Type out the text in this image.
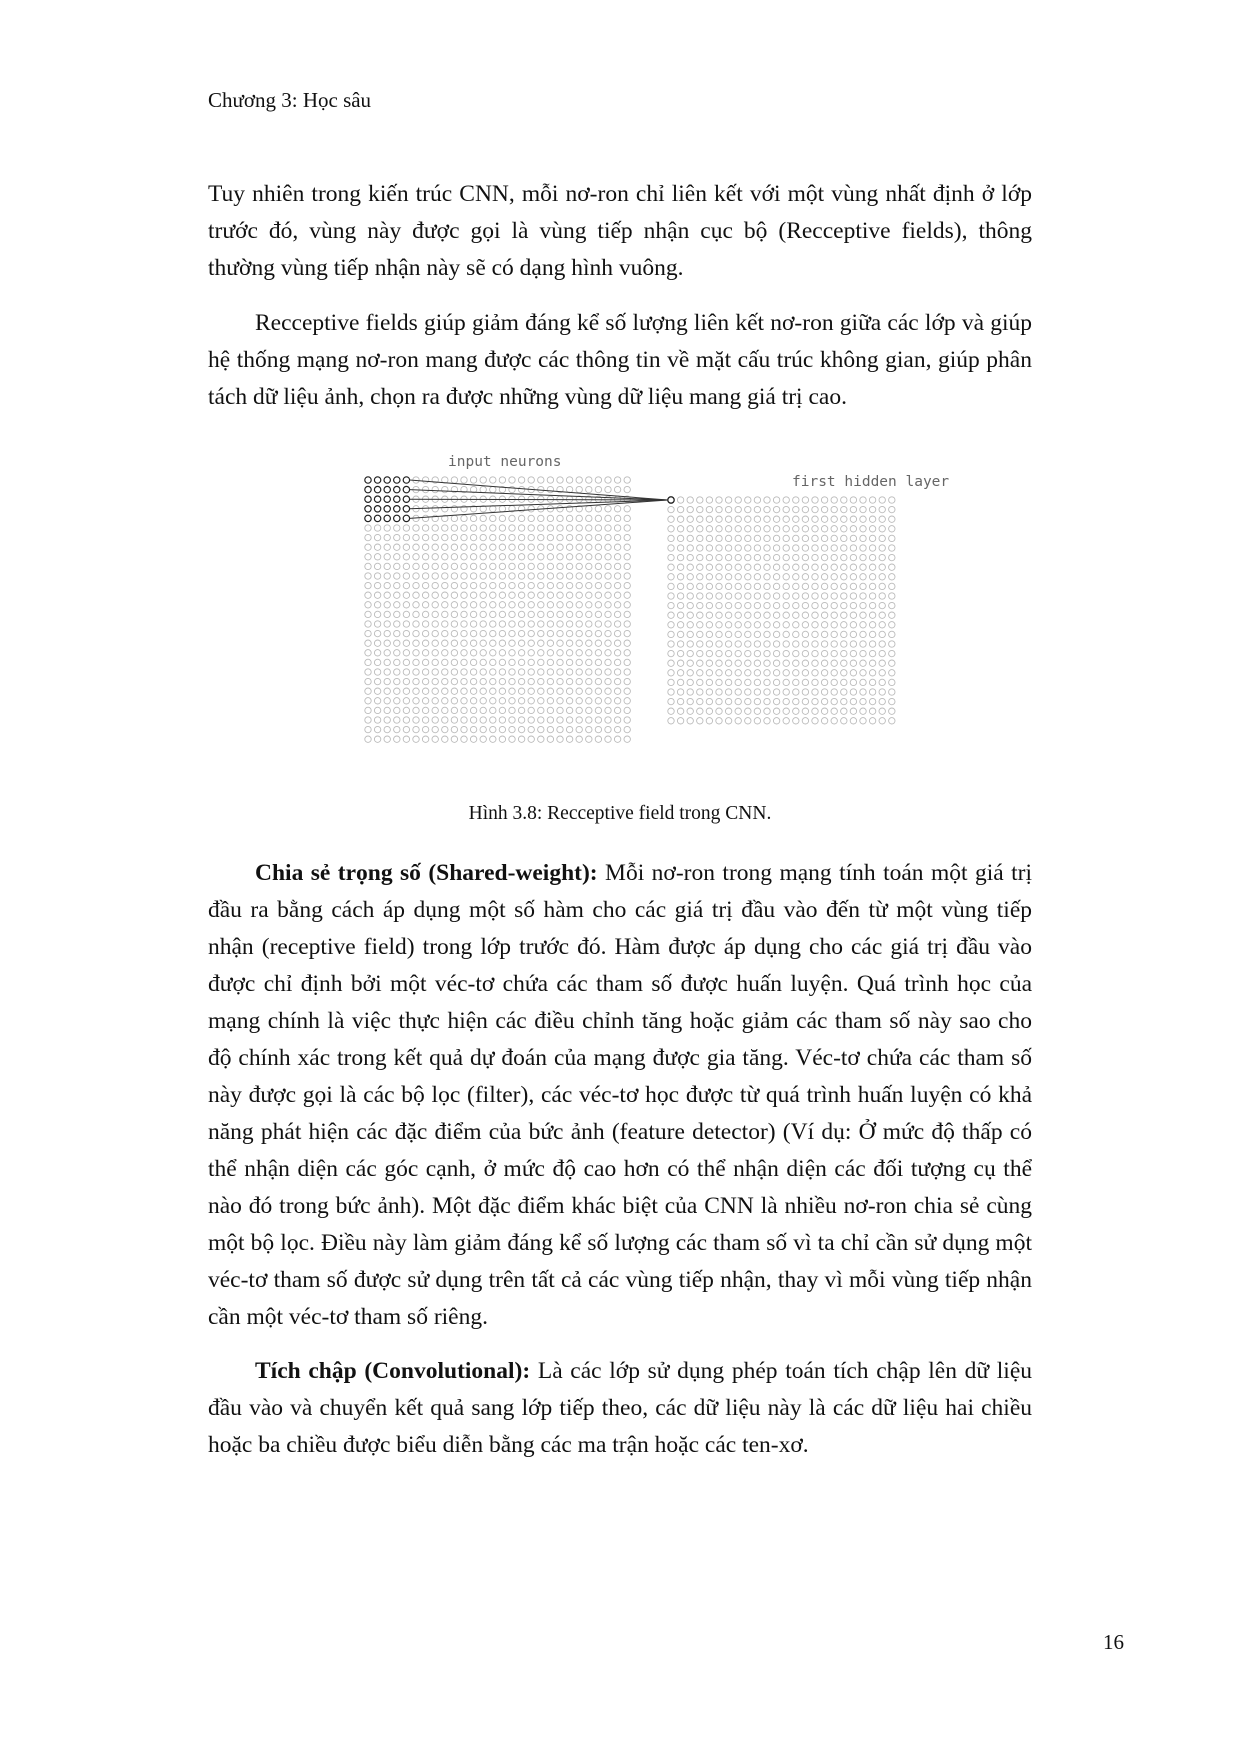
Chương 3: Học sâu

Tuy nhiên trong kiến trúc CNN, mỗi nơ-ron chỉ liên kết với một vùng nhất định ở lớp trước đó, vùng này được gọi là vùng tiếp nhận cục bộ (Recceptive fields), thông thường vùng tiếp nhận này sẽ có dạng hình vuông.

Recceptive fields giúp giảm đáng kể số lượng liên kết nơ-ron giữa các lớp và giúp hệ thống mạng nơ-ron mang được các thông tin về mặt cấu trúc không gian, giúp phân tách dữ liệu ảnh, chọn ra được những vùng dữ liệu mang giá trị cao.

input neurons
first hidden layer
Hình 3.8: Recceptive field trong CNN.

Chia sẻ trọng số (Shared-weight): Mỗi nơ-ron trong mạng tính toán một giá trị đầu ra bằng cách áp dụng một số hàm cho các giá trị đầu vào đến từ một vùng tiếp nhận (receptive field) trong lớp trước đó. Hàm được áp dụng cho các giá trị đầu vào được chỉ định bởi một véc-tơ chứa các tham số được huấn luyện. Quá trình học của mạng chính là việc thực hiện các điều chỉnh tăng hoặc giảm các tham số này sao cho độ chính xác trong kết quả dự đoán của mạng được gia tăng. Véc-tơ chứa các tham số này được gọi là các bộ lọc (filter), các véc-tơ học được từ quá trình huấn luyện có khả năng phát hiện các đặc điểm của bức ảnh (feature detector) (Ví dụ: Ở mức độ thấp có thể nhận diện các góc cạnh, ở mức độ cao hơn có thể nhận diện các đối tượng cụ thể nào đó trong bức ảnh). Một đặc điểm khác biệt của CNN là nhiều nơ-ron chia sẻ cùng một bộ lọc. Điều này làm giảm đáng kể số lượng các tham số vì ta chỉ cần sử dụng một véc-tơ tham số được sử dụng trên tất cả các vùng tiếp nhận, thay vì mỗi vùng tiếp nhận cần một véc-tơ tham số riêng.

Tích chập (Convolutional): Là các lớp sử dụng phép toán tích chập lên dữ liệu đầu vào và chuyển kết quả sang lớp tiếp theo, các dữ liệu này là các dữ liệu hai chiều hoặc ba chiều được biểu diễn bằng các ma trận hoặc các ten-xơ.

16
